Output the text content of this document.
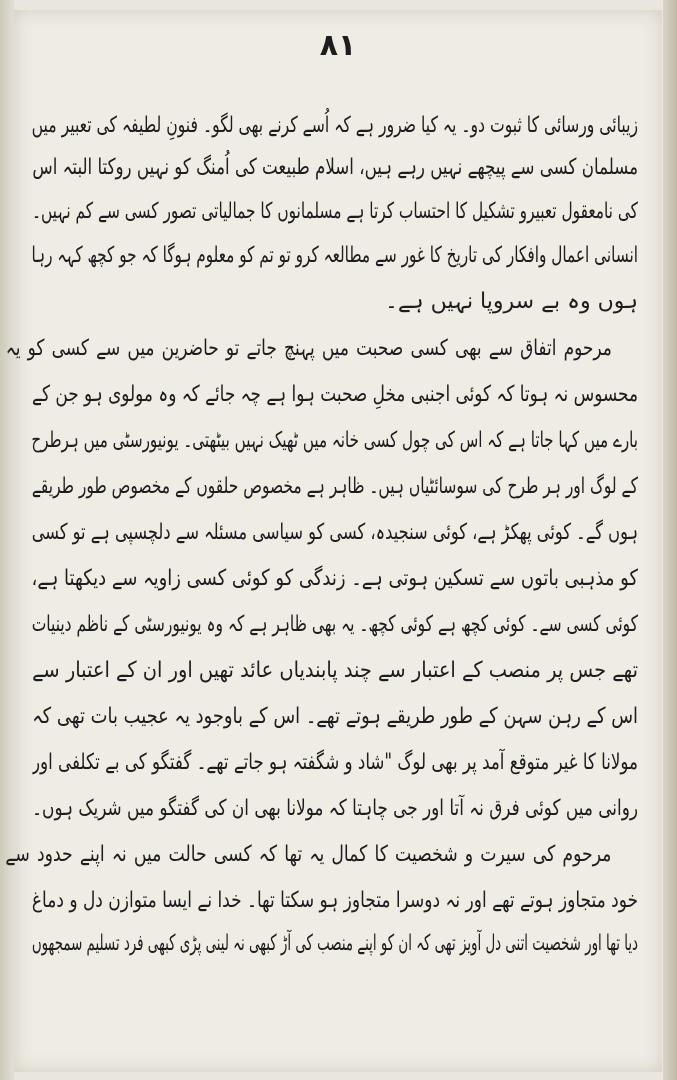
۸۱
زیبائی ورسائی کا ثبوت دو۔ یہ کیا ضرور ہے کہ اُسے کرنے بھی لگو۔ فنونِ لطیفہ کی تعبیر میں
مسلمان کسی سے پیچھے نہیں رہے ہیں، اسلام طبیعت کی اُمنگ کو نہیں روکتا البتہ اس
کی نامعقول تعبیرو تشکیل کا احتساب کرتا ہے مسلمانوں کا جمالیاتی تصور کسی سے کم نہیں۔
انسانی اعمال وافکار کی تاریخ کا غور سے مطالعہ کرو تو تم کو معلوم ہوگا کہ جو کچھ کہہ رہا
ہوں وہ بے سروپا نہیں ہے۔
مرحوم اتفاق سے بھی کسی صحبت میں پہنچ جاتے تو حاضرین میں سے کسی کو یہ
محسوس نہ ہوتا کہ کوئی اجنبی مخلِ صحبت ہوا ہے چہ جائے کہ وہ مولوی ہو جن کے
بارے میں کہا جاتا ہے کہ اس کی چول کسی خانہ میں ٹھیک نہیں بیٹھتی۔ یونیورسٹی میں ہرطرح
کے لوگ اور ہر طرح کی سوسائٹیاں ہیں۔ ظاہر ہے مخصوص حلقوں کے مخصوص طور طریقے
ہوں گے۔ کوئی پھکڑ ہے، کوئی سنجیدہ، کسی کو سیاسی مسئلہ سے دلچسپی ہے تو کسی
کو مذہبی باتوں سے تسکین ہوتی ہے۔ زندگی کو کوئی کسی زاویہ سے دیکھتا ہے،
کوئی کسی سے۔ کوئی کچھ ہے کوئی کچھ۔ یہ بھی ظاہر ہے کہ وہ یونیورسٹی کے ناظم دینیات
تھے جس پر منصب کے اعتبار سے چند پابندیاں عائد تھیں اور ان کے اعتبار سے
اس کے رہن سہن کے طور طریقے ہوتے تھے۔ اس کے باوجود یہ عجیب بات تھی کہ
مولانا کا غیر متوقع آمد پر بھی لوگ "شاد و شگفتہ ہو جاتے تھے۔ گفتگو کی بے تکلفی اور
روانی میں کوئی فرق نہ آتا اور جی چاہتا کہ مولانا بھی ان کی گفتگو میں شریک ہوں۔
مرحوم کی سیرت و شخصیت کا کمال یہ تھا کہ کسی حالت میں نہ اپنے حدود سے
خود متجاوز ہوتے تھے اور نہ دوسرا متجاوز ہو سکتا تھا۔ خدا نے ایسا متوازن دل و دماغ
دیا تھا اور شخصیت اتنی دل آویز تھی کہ ان کو اپنے منصب کی آڑ کبھی نہ لینی پڑی کبھی فرد تسلیم سمجھوں
